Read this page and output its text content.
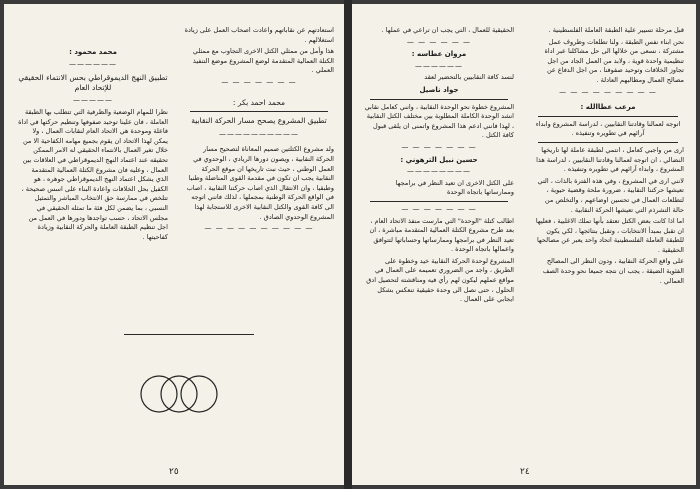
محمد محمود :
——————
تطبيق النهج الديموقراطي بحس الانتماء الحقيقي للإتحاد العام
—————

نظرا للمهام الوضعية والظرفية التي تتطلب بها الطبقة العاملة ، فان علينا توحيد صفوفها وتنظيم حركتها في اداة فاعلة وموحدة هي الاتحاد العام لنقابات العمال ، ولا يمكن لهذا الاتحاد ان يقوم بجميع مهامه الكفاحية الا من خلال تغير العمال بالانتماء الحقيقي له الامر الممكن تحقيقه عند اعتماد النهج الديموقراطي في العلاقات بين العمال ، وعليه فان مشروع الكتلة العمالية المتقدمة الذي يشكل اعتماد النهج الديموقراطي جوهره ، هو الكفيل بحل الخلافات واعادة البناء على اسس صحيحة ، تتلخص في ممارسة حق الانتخاب المباشر والتمثيل النسبي ، بما يضمن لكل فئة ما تمثله الحقيقي في مجلس الاتحاد ، حسب تواجدها ودورها في العمل من اجل تنظيم الطبقة العاملة والحركة النقابية وزيادة كفاحيتها .

استعادتهم عن نقاباتهم واعادت اصحاب العمل على زيادة استغلالهم .

هذا وأمل من ممثلي الكتل الاخرى التجاوب مع ممثلي الكتلة العمالية المتقدمة لوضع المشروع موضع التنفيذ العملي .

— — — — — — —
محمد احمد بكر :
تطبيق المشروع يصحح مسار الحركة النقابية
——————————

ولد مشروع الكتلتين صميم المعاناة لتصحيح مسار الحركة النقابية ، ويصون دورها الريادي ، الوحدوي في العمل الوطني ، حيث نبت تاريخها ان موقع الحركة النقابية يجب ان تكون في مقدمة القوى المناضلة وطنيا وطبقيا ، وان الانتقال الذي اصاب حركتنا النقابية ، اصاب في الواقع الحركة الوطنية بمجملها ، لذلك فانني اتوجه الى كافة القوى والكتل النقابية الاخرى للاستجابة لهذا المشروع الوحدوي الصادق .

— — — — — — — — — —
٢٥

الحقيقية للعمال ، التي يجب ان تراعي في عملها .

— — — — — —
مروان عطاسه :
——————

لنسد كافة النقابيين بالتحضير لعقد

جواد ناصيل

المشروع خطوة نحو الوحدة النقابية ، وانني كعامل نقابي انشد الوحدة الكاملة المطلوبة بين مختلف الكتل النقابية ، لهذا فانني ادعم هذا المشروع واتمنى ان يلقى قبول كافة الكتل .

— — — — — — —
حسين نبيل الترهوني :
————————

على الكتل الاخرى ان تعيد النظر في برامجها وممارساتها باتجاه الوحدة

— — — — — — —

اطالب كتلة "الوحدة" التي مارست منفذ الاتحاد العام ، بعد طرح مشروع الكتلة العمالية المتقدمة مباشرة ، ان تعيد النظر في برامجها وممارساتها وحساباتها لتتوافق واعمالها باتجاه الوحدة .

المشروع لوحدة الحركة النقابية خيد وخطوة على الطريق ، واجد من الضروري تعميمه على العمال في مواقع عملهم ليكون لهم رأي فيه ومناقشته لتحصيل ادق الحلول ، حتى نصل الى وحدة حقيقية تنعكس بشكل ايجابي على العمال .

قبل مرحلة تسيير علية الطبقة العاملة الفلسطينية .

نحن ابناء نفس الطبقة ، ولنا تطلعات وظروف عمل مشتركة ، نسعى من خلالها الى حل مشاكلنا عبر اداة تنظيمية واحدة قوية ، ولابد من العمل الجاد من اجل تجاوز الخلافات وتوحيد صفوفنا ، من اجل الدفاع عن مصالح العمال ومطالبهم العادلة .

— — — — — — — — —
مرعب عطاالله :

اتوجه لعمالنا وقادتنا النقابيين ، لدراسة المشروع وابداء آرائهم في تطويره وتنفيذه .

ارى من واجبي كعامل ، انتمي لطبقة عاملة لها تاريخها النضالي ، ان اتوجه لعمالنا وقادتنا النقابيين ، لدراسة هذا المشروع ، وابداء آرائهم في تطويره وتنفيذه .

لانني ارى في المشروع ، وفي هذه الفترة بالذات ، التي تعيشها حركتنا النقابية ، ضرورة ملحة وقضية حيوية ، لتطلعات العمال في تحسين اوضاعهم ، والتخلص من حالة التشرذم التي تعيشها الحركة النقابية .

اما اذا كانت بعض الكتل تعتقد بأنها تملك الاغلبية ، فعليها ان تقبل بمبدأ الانتخابات ، وتقبل بنتائجها ، لكي يكون للطبقة العاملة الفلسطينية اتحاد واحد يعبر عن مصالحها الحقيقية .

على واقع الحركة النقابية ، ودون النظر الى المصالح الفئوية الضيقة ، يجب ان نتجه جميعا نحو وحدة الصف العمالي .

٢٤
